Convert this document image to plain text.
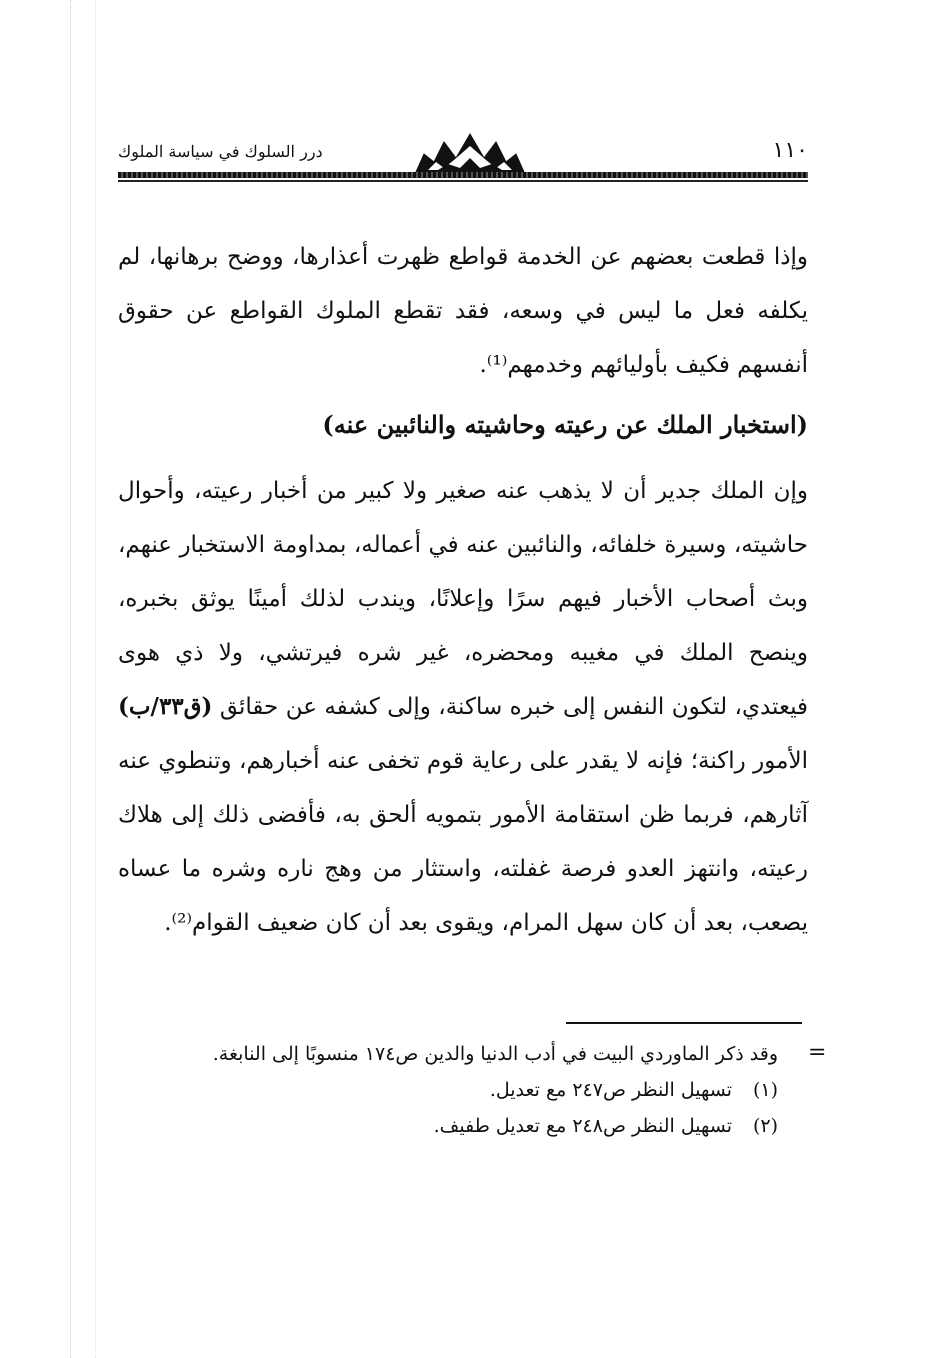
درر السلوك في سياسة الملوك	١١٠
وإذا قطعت بعضهم عن الخدمة قواطع ظهرت أعذارها، ووضح برهانها، لم يكلفه فعل ما ليس في وسعه، فقد تقطع الملوك القواطع عن حقوق أنفسهم فكيف بأوليائهم وخدمهم⁽¹⁾.
(استخبار الملك عن رعيته وحاشيته والنائبين عنه)
وإن الملك جدير أن لا يذهب عنه صغير ولا كبير من أخبار رعيته، وأحوال حاشيته، وسيرة خلفائه، والنائبين عنه في أعماله، بمداومة الاستخبار عنهم، وبث أصحاب الأخبار فيهم سرًا وإعلانًا، ويندب لذلك أمينًا يوثق بخبره، وينصح الملك في مغيبه ومحضره، غير شره فيرتشي، ولا ذي هوى فيعتدي، لتكون النفس إلى خبره ساكنة، وإلى كشفه عن حقائق (ق٣٣/ب) الأمور راكنة؛ فإنه لا يقدر على رعاية قوم تخفى عنه أخبارهم، وتنطوي عنه آثارهم، فربما ظن استقامة الأمور بتمويه ألحق به، فأفضى ذلك إلى هلاك رعيته، وانتهز العدو فرصة غفلته، واستثار من وهج ناره وشره ما عساه يصعب، بعد أن كان سهل المرام، ويقوى بعد أن كان ضعيف القوام⁽²⁾.
=
وقد ذكر الماوردي البيت في أدب الدنيا والدين ص١٧٤ منسوبًا إلى النابغة.
(١)تسهيل النظر ص٢٤٧ مع تعديل.
(٢)تسهيل النظر ص٢٤٨ مع تعديل طفيف.
